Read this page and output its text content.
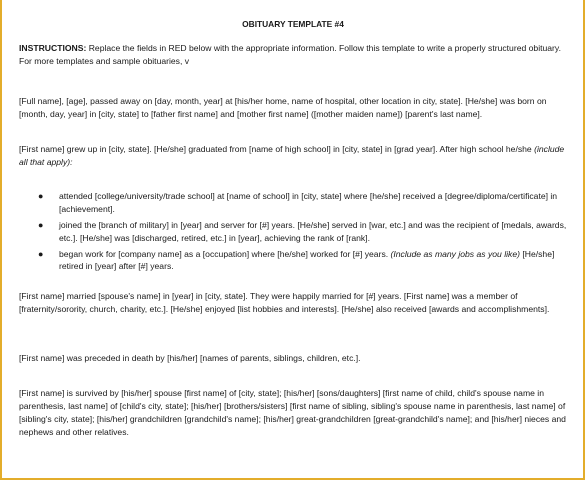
OBITUARY TEMPLATE #4
INSTRUCTIONS: Replace the fields in RED below with the appropriate information. Follow this template to write a properly structured obituary. For more templates and sample obituaries, v
[Full name], [age], passed away on [day, month, year] at [his/her home, name of hospital, other location in city, state]. [He/she] was born on [month, day, year] in [city, state] to [father first name] and [mother first name] ([mother maiden name]) [parent's last name].
[First name] grew up in [city, state]. [He/she] graduated from [name of high school] in [city, state] in [grad year]. After high school he/she (include all that apply):
● attended [college/university/trade school] at [name of school] in [city, state] where [he/she] received a [degree/diploma/certificate] in [achievement].
● joined the [branch of military] in [year] and server for [#] years. [He/she] served in [war, etc.] and was the recipient of [medals, awards, etc.]. [He/she] was [discharged, retired, etc.] in [year], achieving the rank of [rank].
● began work for [company name] as a [occupation] where [he/she] worked for [#] years. (Include as many jobs as you like) [He/she] retired in [year] after [#] years.
[First name] married [spouse's name] in [year] in [city, state]. They were happily married for [#] years. [First name] was a member of [fraternity/sorority, church, charity, etc.]. [He/she] enjoyed [list hobbies and interests]. [He/she] also received [awards and accomplishments].
[First name] was preceded in death by [his/her] [names of parents, siblings, children, etc.].
[First name] is survived by [his/her] spouse [first name] of [city, state]; [his/her] [sons/daughters] [first name of child, child's spouse name in parenthesis, last name] of [child's city, state]; [his/her] [brothers/sisters] [first name of sibling, sibling's spouse name in parenthesis, last name] of [sibling's city, state]; [his/her] grandchildren [grandchild's name]; [his/her] great-grandchildren [great-grandchild's name]; and [his/her] nieces and nephews and other relatives.
